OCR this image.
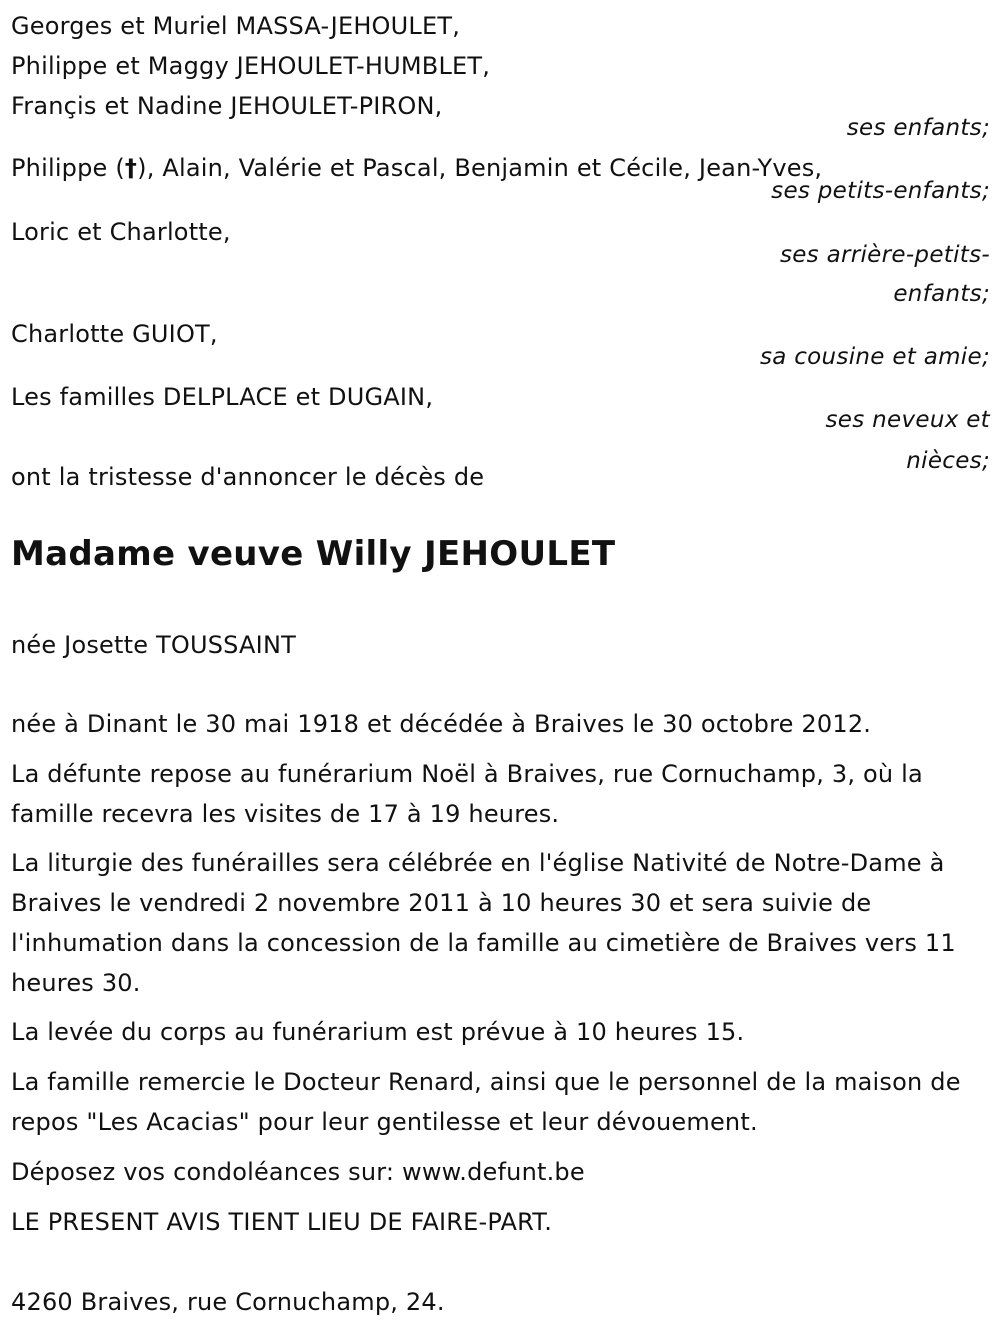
Georges et Muriel MASSA-JEHOULET,
Philippe et Maggy JEHOULET-HUMBLET,
Françis et Nadine JEHOULET-PIRON,
ses enfants;
Philippe (†), Alain, Valérie et Pascal, Benjamin et Cécile, Jean-Yves,
ses petits-enfants;
Loric et Charlotte,
ses arrière-petits-
enfants;
Charlotte GUIOT,
sa cousine et amie;
Les familles DELPLACE et DUGAIN,
ses neveux et
nièces;
ont la tristesse d'annoncer le décès de
Madame veuve Willy JEHOULET
née Josette TOUSSAINT
née à Dinant le 30 mai 1918 et décédée à Braives le 30 octobre 2012.
La défunte repose au funérarium Noël à Braives, rue Cornuchamp, 3, où la famille recevra les visites de 17 à 19 heures.
La liturgie des funérailles sera célébrée en l'église Nativité de Notre-Dame à Braives le vendredi 2 novembre 2011 à 10 heures 30 et sera suivie de l'inhumation dans la concession de la famille au cimetière de Braives vers 11 heures 30.
La levée du corps au funérarium est prévue à 10 heures 15.
La famille remercie le Docteur Renard, ainsi que le personnel de la maison de repos "Les Acacias" pour leur gentilesse et leur dévouement.
Déposez vos condoléances sur: www.defunt.be
LE PRESENT AVIS TIENT LIEU DE FAIRE-PART.
4260 Braives, rue Cornuchamp, 24.
